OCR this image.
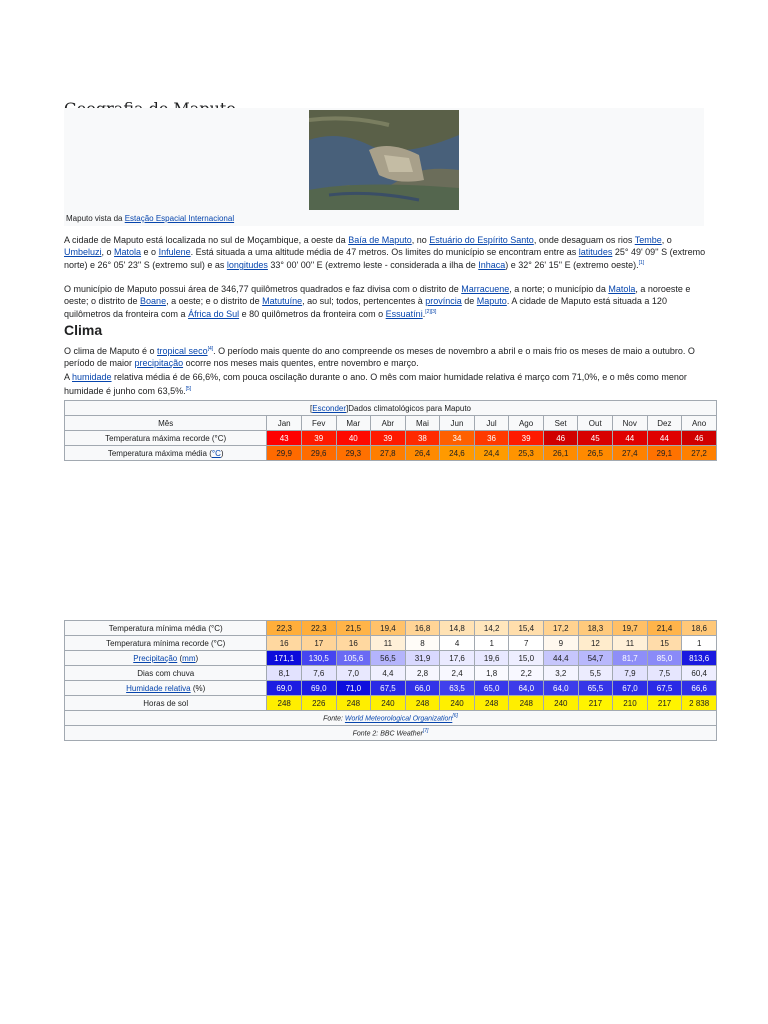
Maputo vista da Estação Espacial Internacional

A cidade de Maputo está localizada no sul de Moçambique, a oeste da Baía de Maputo, no Estuário do Espírito Santo, onde desaguam os rios Tembe, o Umbeluzi, o Matola e o Infulene. Está situada a uma altitude média de 47 metros. Os limites do município se encontram entre as latitudes 25° 49' 09'' S (extremo norte) e 26° 05' 23'' S (extremo sul) e as longitudes 33° 00' 00'' E (extremo leste - considerada a ilha de Inhaca) e 32° 26' 15'' E (extremo oeste).[1]

O município de Maputo possui área de 346,77 quilômetros quadrados e faz divisa com o distrito de Marracuene, a norte; o município da Matola, a noroeste e oeste; o distrito de Boane, a oeste; e o distrito de Matutuíne, ao sul; todos, pertencentes à província de Maputo. A cidade de Maputo está situada a 120 quilômetros da fronteira com a África do Sul e 80 quilômetros da fronteira com o Essuatíni.[2][3]

Clima

O clima de Maputo é o tropical seco[4]. O período mais quente do ano compreende os meses de novembro a abril e o mais frio os meses de maio a outubro. O período de maior precipitação ocorre nos meses mais quentes, entre novembro e março.

A humidade relativa média é de 66,6%, com pouca oscilação durante o ano. O mês com maior humidade relativa é março com 71,0%, e o mês como menor humidade é junho com 63,5%.[5]

[Esconder]Dados climatológicos para Maputo													
Mês	Jan	Fev	Mar	Abr	Mai	Jun	Jul	Ago	Set	Out	Nov	Dez	Ano
Temperatura máxima recorde (°C)	43	39	40	39	38	34	36	39	46	45	44	44	46
Temperatura máxima média (°C)	29,9	29,6	29,3	27,8	26,4	24,6	24,4	25,3	26,1	26,5	27,4	29,1	27,2
Temperatura mínima média (°C)	22,3	22,3	21,5	19,4	16,8	14,8	14,2	15,4	17,2	18,3	19,7	21,4	18,6
Temperatura mínima recorde (°C)	16	17	16	11	8	4	1	7	9	12	11	15	1
Precipitação (mm)	171,1	130,5	105,6	56,5	31,9	17,6	19,6	15,0	44,4	54,7	81,7	85,0	813,6
Dias com chuva	8,1	7,6	7,0	4,4	2,8	2,4	1,8	2,2	3,2	5,5	7,9	7,5	60,4
Humidade relativa (%)	69,0	69,0	71,0	67,5	66,0	63,5	65,0	64,0	64,0	65,5	67,0	67,5	66,6
Horas de sol	248	226	248	240	248	240	248	248	240	217	210	217	2 838
Fonte: World Meteorological Organization[6]
Fonte 2: BBC Weather[7]
